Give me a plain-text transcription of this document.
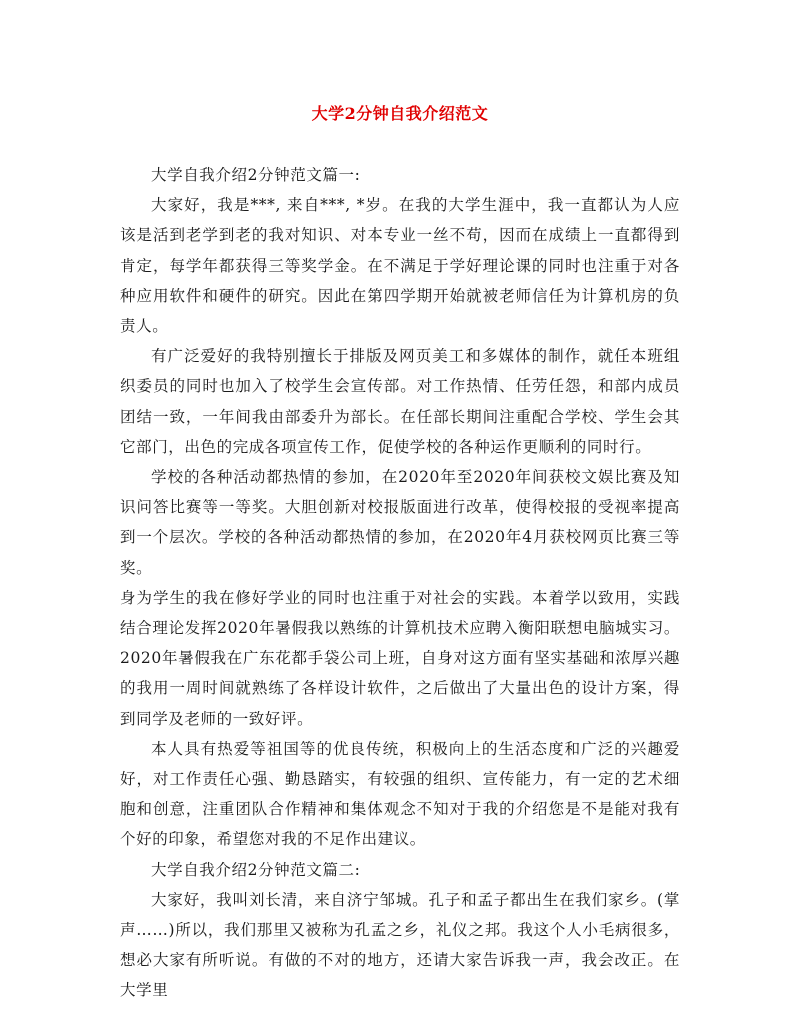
大学2分钟自我介绍范文

大学自我介绍2分钟范文篇一:

大家好，我是***, 来自***, *岁。在我的大学生涯中，我一直都认为人应该是活到老学到老的我对知识、对本专业一丝不苟，因而在成绩上一直都得到肯定，每学年都获得三等奖学金。在不满足于学好理论课的同时也注重于对各种应用软件和硬件的研究。因此在第四学期开始就被老师信任为计算机房的负责人。

有广泛爱好的我特别擅长于排版及网页美工和多媒体的制作，就任本班组织委员的同时也加入了校学生会宣传部。对工作热情、任劳任怨，和部内成员团结一致，一年间我由部委升为部长。在任部长期间注重配合学校、学生会其它部门，出色的完成各项宣传工作，促使学校的各种运作更顺利的同时行。

学校的各种活动都热情的参加，在2020年至2020年间获校文娱比赛及知识问答比赛等一等奖。大胆创新对校报版面进行改革，使得校报的受视率提高到一个层次。学校的各种活动都热情的参加，在2020年4月获校网页比赛三等奖。

身为学生的我在修好学业的同时也注重于对社会的实践。本着学以致用，实践结合理论发挥2020年暑假我以熟练的计算机技术应聘入衡阳联想电脑城实习。2020年暑假我在广东花都手袋公司上班，自身对这方面有坚实基础和浓厚兴趣的我用一周时间就熟练了各样设计软件，之后做出了大量出色的设计方案，得到同学及老师的一致好评。

本人具有热爱等祖国等的优良传统，积极向上的生活态度和广泛的兴趣爱好，对工作责任心强、勤恳踏实，有较强的组织、宣传能力，有一定的艺术细胞和创意，注重团队合作精神和集体观念不知对于我的介绍您是不是能对我有个好的印象，希望您对我的不足作出建议。

大学自我介绍2分钟范文篇二:

大家好，我叫刘长清，来自济宁邹城。孔子和孟子都出生在我们家乡。(掌声……)所以，我们那里又被称为孔孟之乡，礼仪之邦。我这个人小毛病很多，想必大家有所听说。有做的不对的地方，还请大家告诉我一声，我会改正。在大学里
